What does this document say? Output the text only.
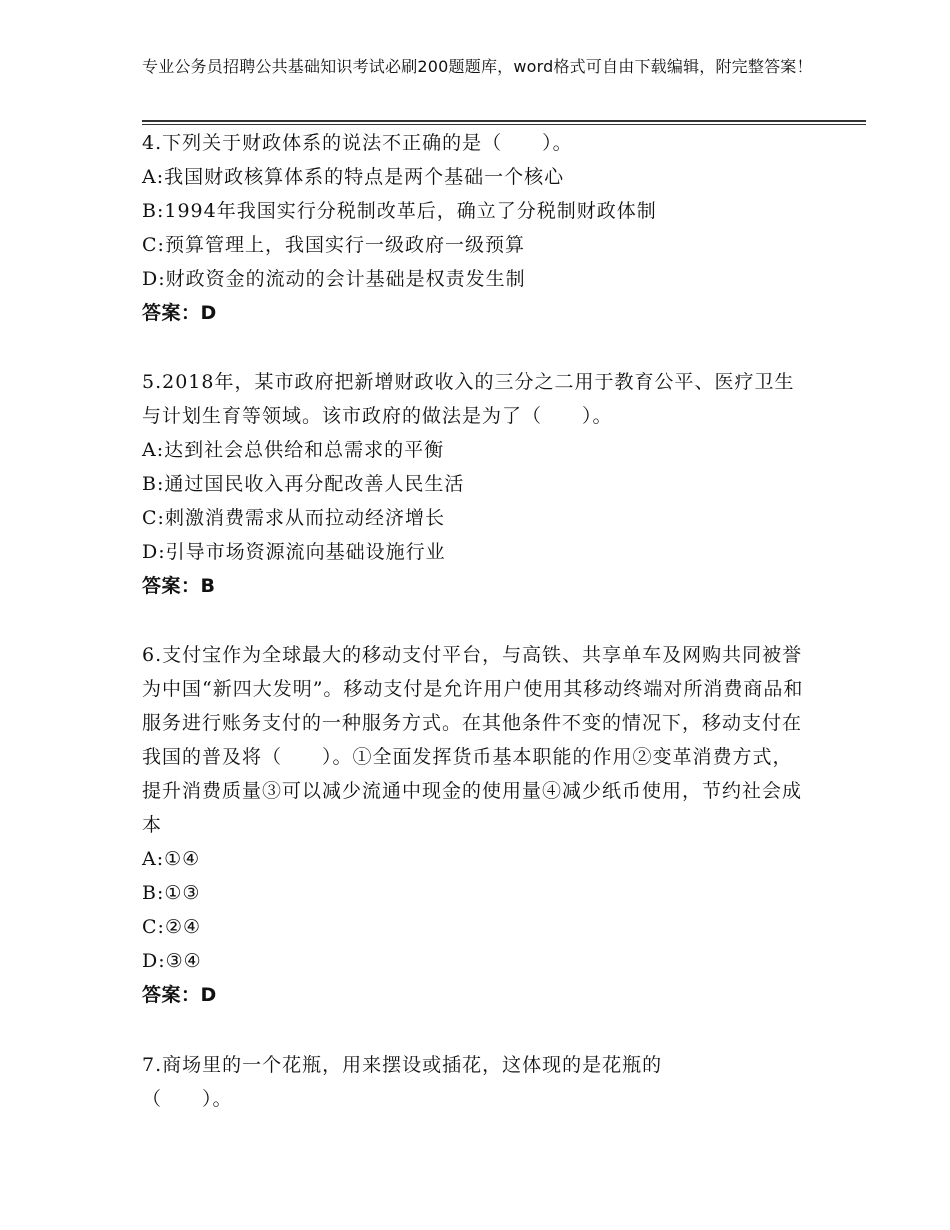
专业公务员招聘公共基础知识考试必刷200题题库，word格式可自由下载编辑，附完整答案！
4.下列关于财政体系的说法不正确的是（　　）。
A:我国财政核算体系的特点是两个基础一个核心
B:1994年我国实行分税制改革后，确立了分税制财政体制
C:预算管理上，我国实行一级政府一级预算
D:财政资金的流动的会计基础是权责发生制
答案：D
5.2018年，某市政府把新增财政收入的三分之二用于教育公平、医疗卫生与计划生育等领域。该市政府的做法是为了（　　）。
A:达到社会总供给和总需求的平衡
B:通过国民收入再分配改善人民生活
C:刺激消费需求从而拉动经济增长
D:引导市场资源流向基础设施行业
答案：B
6.支付宝作为全球最大的移动支付平台，与高铁、共享单车及网购共同被誉为中国“新四大发明”。移动支付是允许用户使用其移动终端对所消费商品和服务进行账务支付的一种服务方式。在其他条件不变的情况下，移动支付在我国的普及将（　　）。①全面发挥货币基本职能的作用②变革消费方式，提升消费质量③可以减少流通中现金的使用量④减少纸币使用，节约社会成本
A:①④
B:①③
C:②④
D:③④
答案：D
7.商场里的一个花瓶，用来摆设或插花，这体现的是花瓶的（　　）。
